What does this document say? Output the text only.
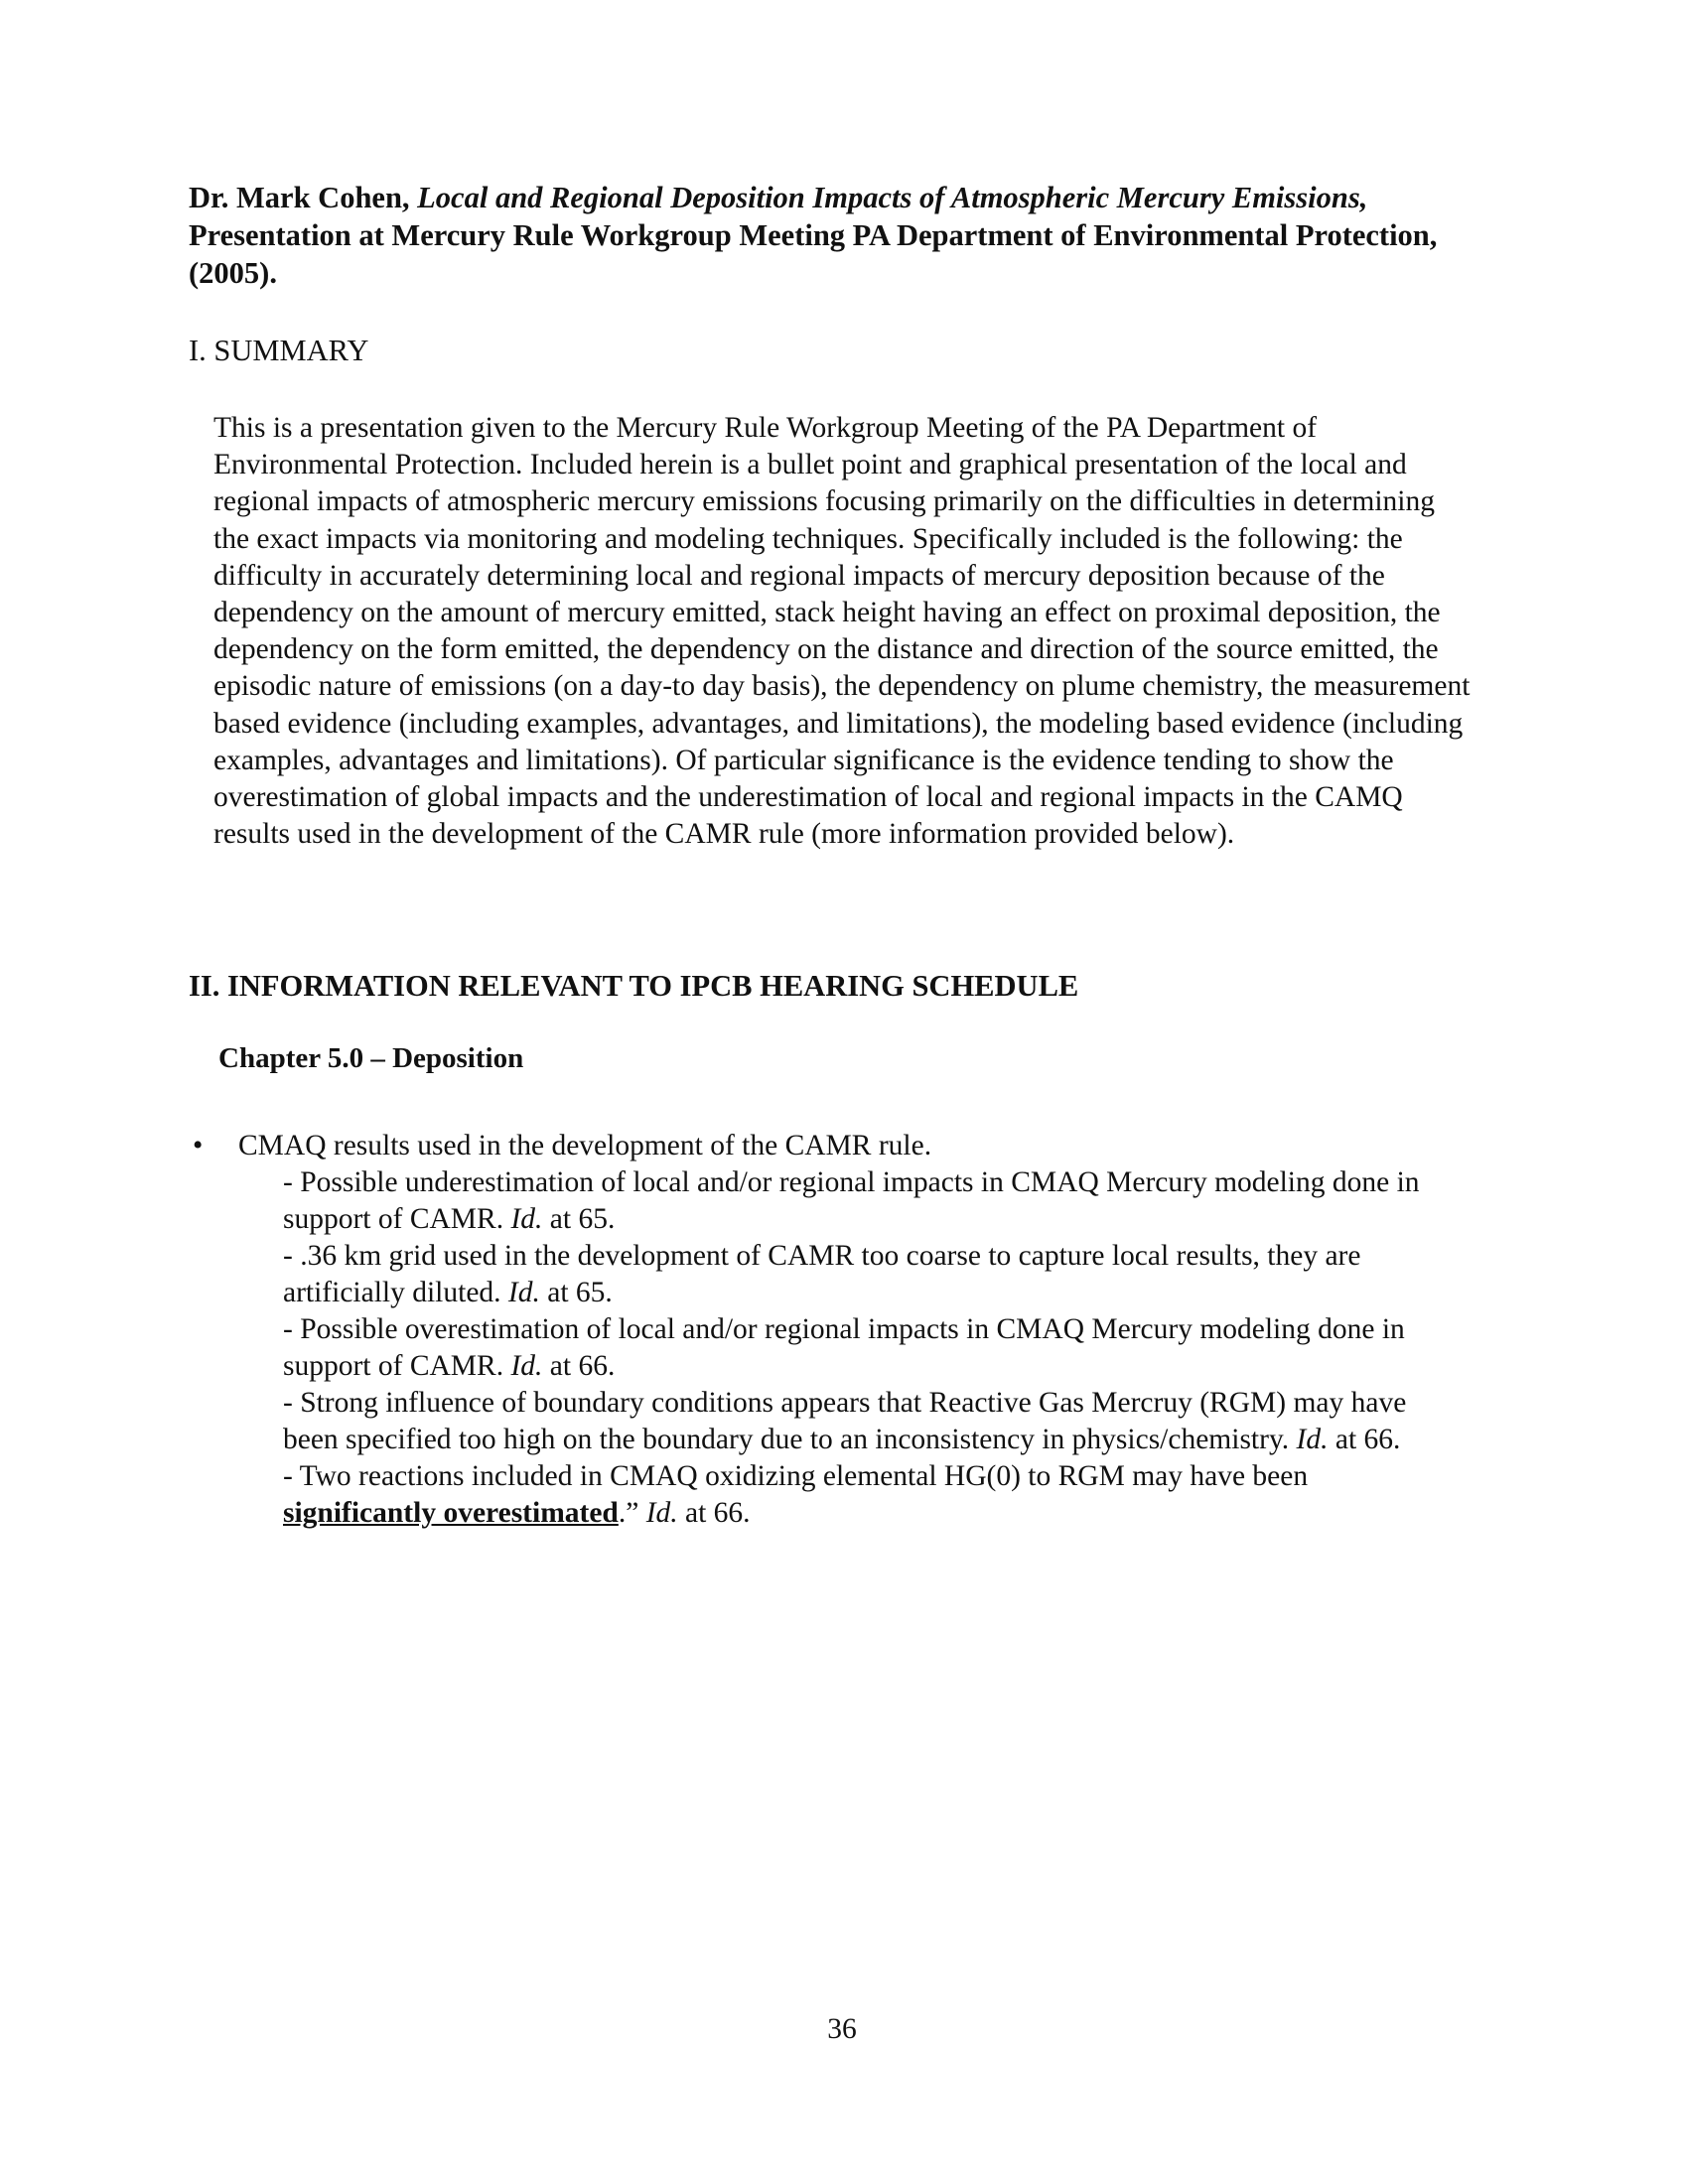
Dr. Mark Cohen, Local and Regional Deposition Impacts of Atmospheric Mercury Emissions, Presentation at Mercury Rule Workgroup Meeting PA Department of Environmental Protection, (2005).
I. SUMMARY

This is a presentation given to the Mercury Rule Workgroup Meeting of the PA Department of Environmental Protection. Included herein is a bullet point and graphical presentation of the local and regional impacts of atmospheric mercury emissions focusing primarily on the difficulties in determining the exact impacts via monitoring and modeling techniques. Specifically included is the following: the difficulty in accurately determining local and regional impacts of mercury deposition because of the dependency on the amount of mercury emitted, stack height having an effect on proximal deposition, the dependency on the form emitted, the dependency on the distance and direction of the source emitted, the episodic nature of emissions (on a day-to day basis), the dependency on plume chemistry, the measurement based evidence (including examples, advantages, and limitations), the modeling based evidence (including examples, advantages and limitations). Of particular significance is the evidence tending to show the overestimation of global impacts and the underestimation of local and regional impacts in the CAMQ results used in the development of the CAMR rule (more information provided below).

II. INFORMATION RELEVANT TO IPCB HEARING SCHEDULE
Chapter 5.0 – Deposition
• CMAQ results used in the development of the CAMR rule.
- Possible underestimation of local and/or regional impacts in CMAQ Mercury modeling done in support of CAMR. Id. at 65.
- .36 km grid used in the development of CAMR too coarse to capture local results, they are artificially diluted. Id. at 65.
- Possible overestimation of local and/or regional impacts in CMAQ Mercury modeling done in support of CAMR. Id. at 66.
- Strong influence of boundary conditions appears that Reactive Gas Mercruy (RGM) may have been specified too high on the boundary due to an inconsistency in physics/chemistry. Id. at 66.
- Two reactions included in CMAQ oxidizing elemental HG(0) to RGM may have been significantly overestimated.” Id. at 66.
36
